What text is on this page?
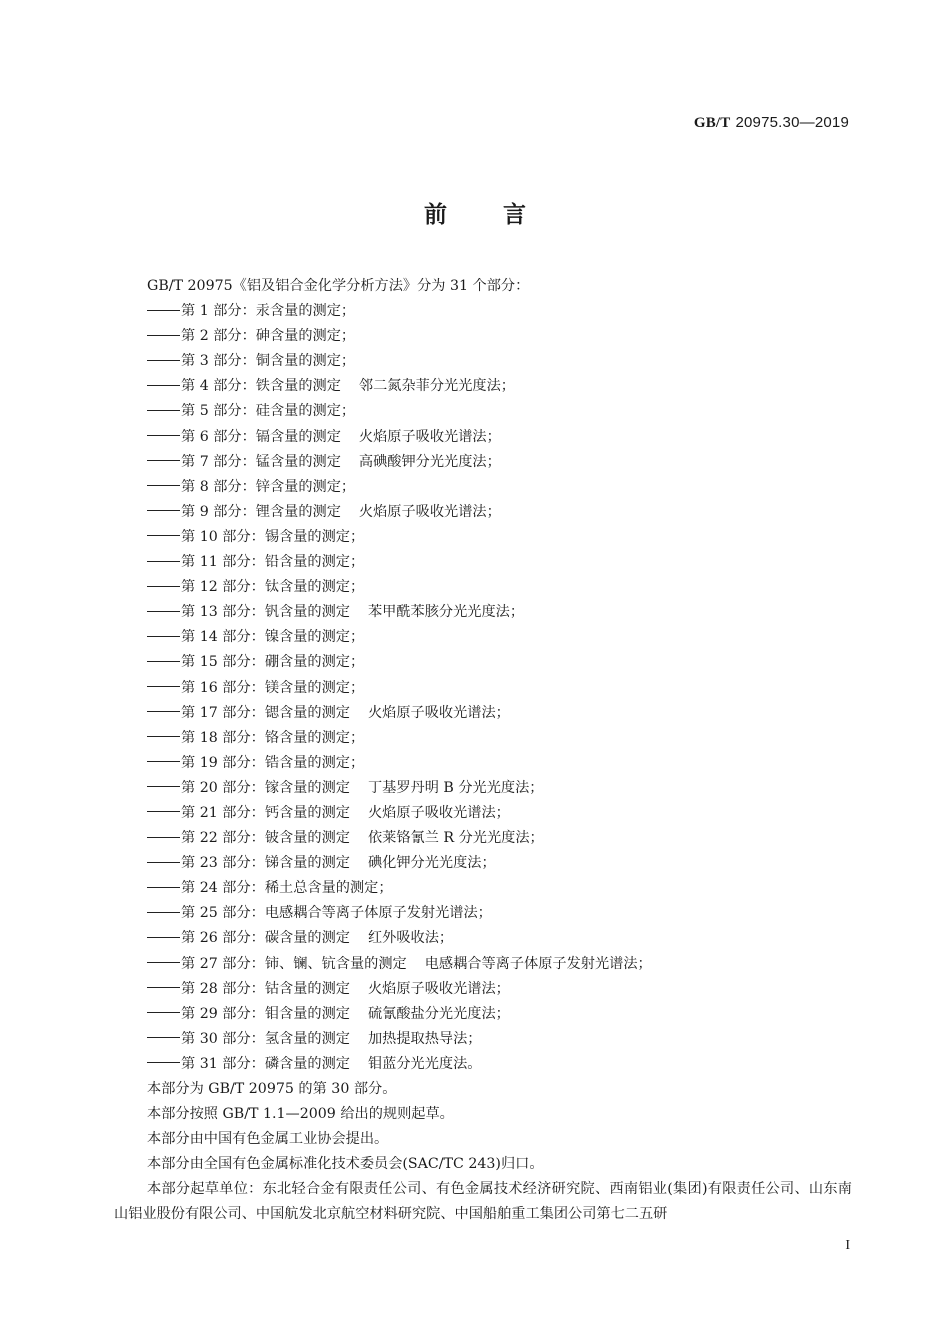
GB/T 20975.30—2019
前 言
GB/T 20975《铝及铝合金化学分析方法》分为 31 个部分：
第 1 部分：汞含量的测定；
第 2 部分：砷含量的测定；
第 3 部分：铜含量的测定；
第 4 部分：铁含量的测定 邻二氮杂菲分光光度法；
第 5 部分：硅含量的测定；
第 6 部分：镉含量的测定 火焰原子吸收光谱法；
第 7 部分：锰含量的测定 高碘酸钾分光光度法；
第 8 部分：锌含量的测定；
第 9 部分：锂含量的测定 火焰原子吸收光谱法；
第 10 部分：锡含量的测定；
第 11 部分：铅含量的测定；
第 12 部分：钛含量的测定；
第 13 部分：钒含量的测定 苯甲酰苯胲分光光度法；
第 14 部分：镍含量的测定；
第 15 部分：硼含量的测定；
第 16 部分：镁含量的测定；
第 17 部分：锶含量的测定 火焰原子吸收光谱法；
第 18 部分：铬含量的测定；
第 19 部分：锆含量的测定；
第 20 部分：镓含量的测定 丁基罗丹明 B 分光光度法；
第 21 部分：钙含量的测定 火焰原子吸收光谱法；
第 22 部分：铍含量的测定 依莱铬氰兰 R 分光光度法；
第 23 部分：锑含量的测定 碘化钾分光光度法；
第 24 部分：稀土总含量的测定；
第 25 部分：电感耦合等离子体原子发射光谱法；
第 26 部分：碳含量的测定 红外吸收法；
第 27 部分：铈、镧、钪含量的测定 电感耦合等离子体原子发射光谱法；
第 28 部分：钴含量的测定 火焰原子吸收光谱法；
第 29 部分：钼含量的测定 硫氰酸盐分光光度法；
第 30 部分：氢含量的测定 加热提取热导法；
第 31 部分：磷含量的测定 钼蓝分光光度法。
本部分为 GB/T 20975 的第 30 部分。
本部分按照 GB/T 1.1—2009 给出的规则起草。
本部分由中国有色金属工业协会提出。
本部分由全国有色金属标准化技术委员会(SAC/TC 243)归口。
本部分起草单位：东北轻合金有限责任公司、有色金属技术经济研究院、西南铝业(集团)有限责任公司、山东南山铝业股份有限公司、中国航发北京航空材料研究院、中国船舶重工集团公司第七二五研
I
